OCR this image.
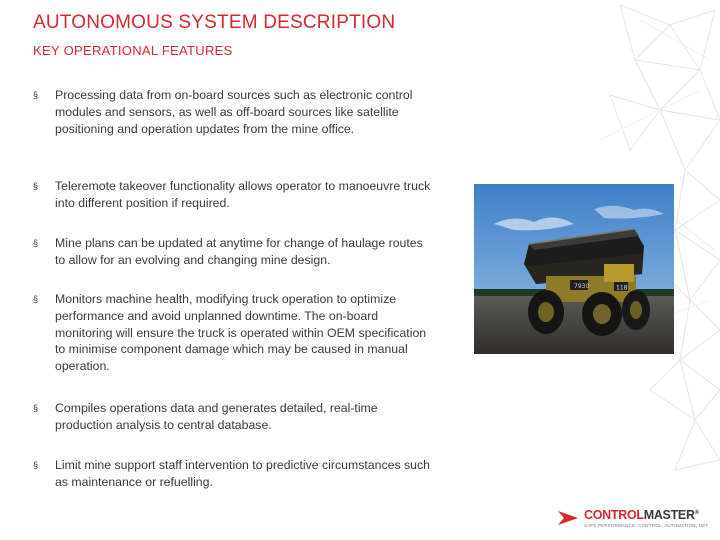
AUTONOMOUS SYSTEM DESCRIPTION
KEY OPERATIONAL FEATURES
§	Processing data from on-board sources such as electronic control modules and sensors, as well as off-board sources like satellite positioning and operation updates from the mine office.
§	Teleremote takeover functionality allows operator to manoeuvre truck into different position if required.
§	Mine plans can be updated at anytime for change of haulage routes to allow for an evolving and changing mine design.
§	Monitors machine health, modifying truck operation to optimize performance and avoid unplanned downtime. The on-board monitoring will ensure the truck is operated within OEM specification to minimise component damage which may be caused in manual operation.
§	Compiles operations data and generates detailed, real-time production analysis to central database.
§	Limit mine support staff intervention to predictive circumstances such as maintenance or refuelling.
7930	118
CONTROLMASTER®
SAFE PERFORMANCE, CONTROL, AUTOMATION, NET
